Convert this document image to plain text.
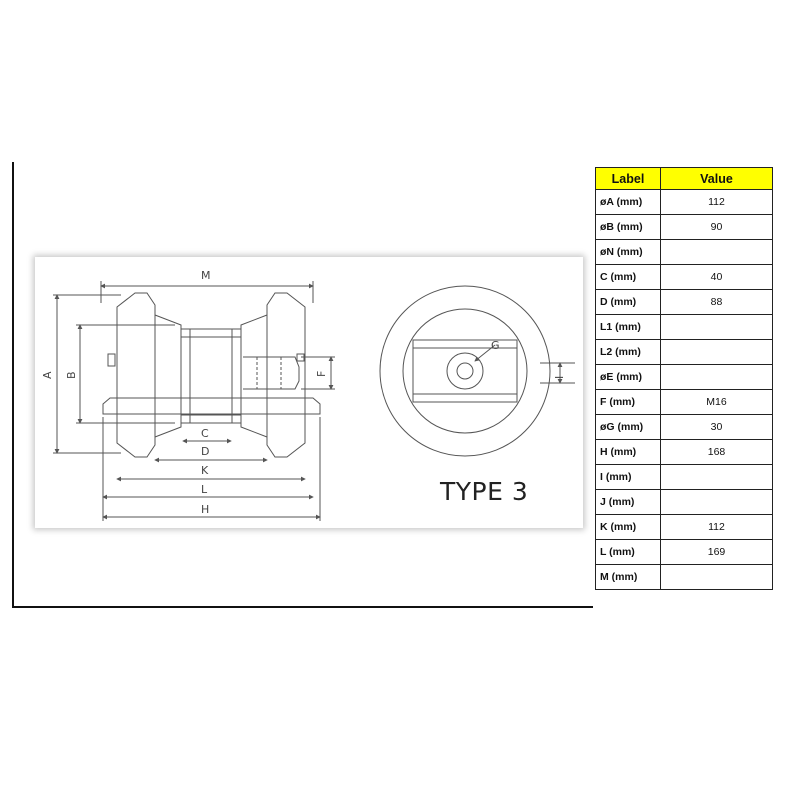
M
A B
C
D
K
L
H
F
G
I
TYPE 3
Label	Value
øA (mm)	112
øB (mm)	90
øN (mm)	
C (mm)	40
D (mm)	88
L1 (mm)	
L2 (mm)	
øE (mm)	
F (mm)	M16
øG (mm)	30
H (mm)	168
I (mm)	
J (mm)	
K (mm)	112
L (mm)	169
M (mm)	
